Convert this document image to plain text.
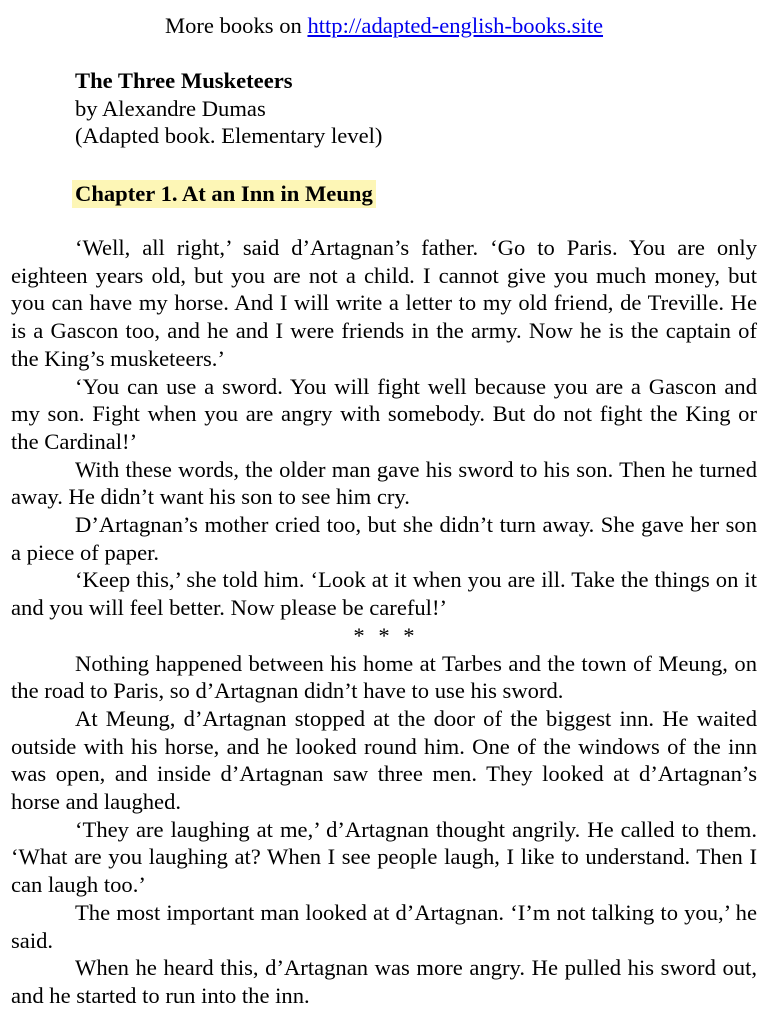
More books on http://adapted-english-books.site
The Three Musketeers
by Alexandre Dumas
(Adapted book. Elementary level)
Chapter 1. At an Inn in Meung

‘Well, all right,’ said d’Artagnan’s father. ‘Go to Paris. You are only eighteen years old, but you are not a child. I cannot give you much money, but you can have my horse. And I will write a letter to my old friend, de Treville. He is a Gascon too, and he and I were friends in the army. Now he is the captain of the King’s musketeers.’

‘You can use a sword. You will fight well because you are a Gascon and my son. Fight when you are angry with somebody. But do not fight the King or the Cardinal!’

With these words, the older man gave his sword to his son. Then he turned away. He didn’t want his son to see him cry.

D’Artagnan’s mother cried too, but she didn’t turn away. She gave her son a piece of paper.

‘Keep this,’ she told him. ‘Look at it when you are ill. Take the things on it and you will feel better. Now please be careful!’

* * *

Nothing happened between his home at Tarbes and the town of Meung, on the road to Paris, so d’Artagnan didn’t have to use his sword.

At Meung, d’Artagnan stopped at the door of the biggest inn. He waited outside with his horse, and he looked round him. One of the windows of the inn was open, and inside d’Artagnan saw three men. They looked at d’Artagnan’s horse and laughed.

‘They are laughing at me,’ d’Artagnan thought angrily. He called to them. ‘What are you laughing at? When I see people laugh, I like to understand. Then I can laugh too.’

The most important man looked at d’Artagnan. ‘I’m not talking to you,’ he said.

When he heard this, d’Artagnan was more angry. He pulled his sword out, and he started to run into the inn.
